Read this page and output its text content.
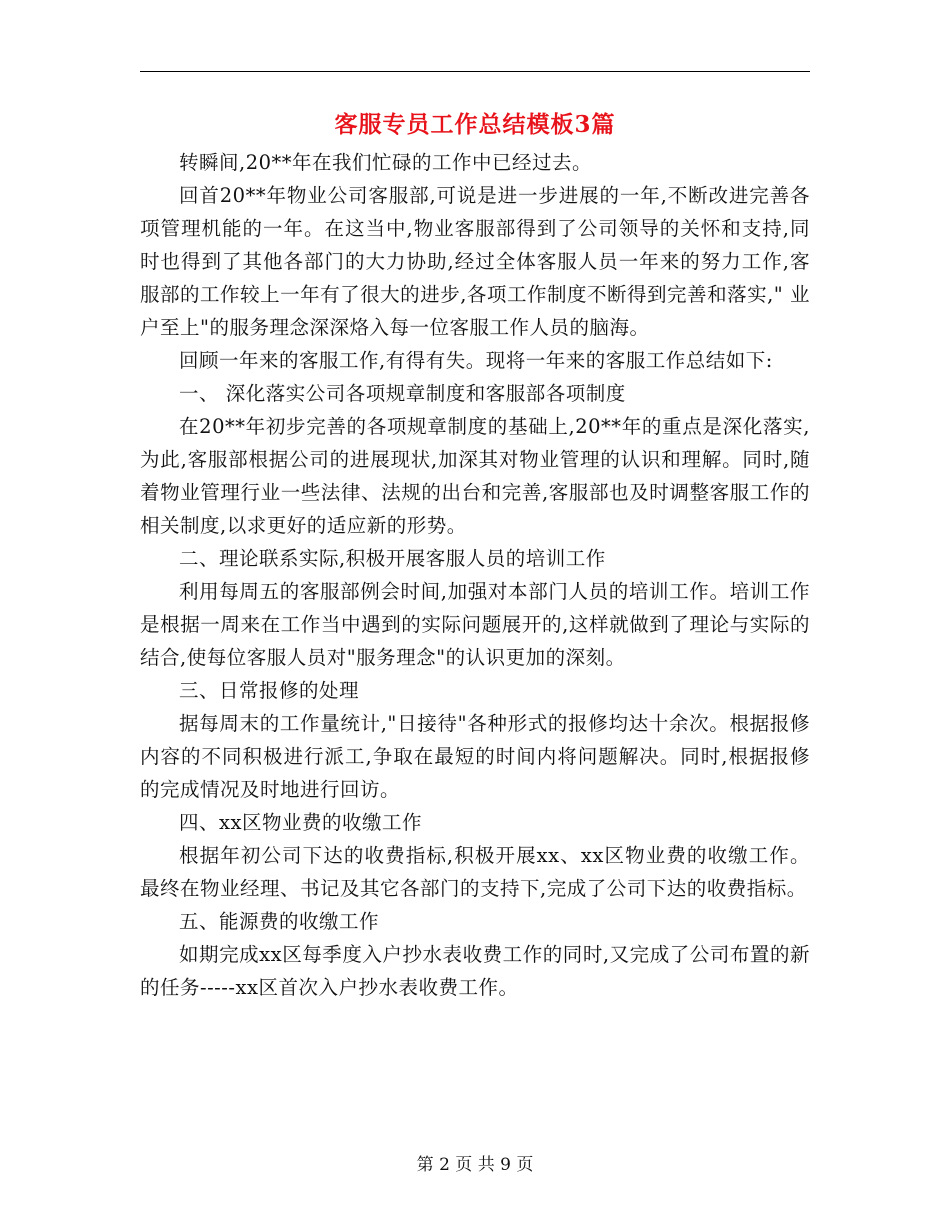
客服专员工作总结模板3篇

转瞬间,20**年在我们忙碌的工作中已经过去。

回首20**年物业公司客服部,可说是进一步进展的一年,不断改进完善各项管理机能的一年。在这当中,物业客服部得到了公司领导的关怀和支持,同时也得到了其他各部门的大力协助,经过全体客服人员一年来的努力工作,客服部的工作较上一年有了很大的进步,各项工作制度不断得到完善和落实," 业户至上"的服务理念深深烙入每一位客服工作人员的脑海。

回顾一年来的客服工作,有得有失。现将一年来的客服工作总结如下:

一、 深化落实公司各项规章制度和客服部各项制度

在20**年初步完善的各项规章制度的基础上,20**年的重点是深化落实,为此,客服部根据公司的进展现状,加深其对物业管理的认识和理解。同时,随着物业管理行业一些法律、法规的出台和完善,客服部也及时调整客服工作的相关制度,以求更好的适应新的形势。

二、理论联系实际,积极开展客服人员的培训工作

利用每周五的客服部例会时间,加强对本部门人员的培训工作。培训工作是根据一周来在工作当中遇到的实际问题展开的,这样就做到了理论与实际的结合,使每位客服人员对"服务理念"的认识更加的深刻。

三、日常报修的处理

据每周末的工作量统计,"日接待"各种形式的报修均达十余次。根据报修内容的不同积极进行派工,争取在最短的时间内将问题解决。同时,根据报修的完成情况及时地进行回访。

四、xx区物业费的收缴工作

根据年初公司下达的收费指标,积极开展xx、xx区物业费的收缴工作。最终在物业经理、书记及其它各部门的支持下,完成了公司下达的收费指标。

五、能源费的收缴工作

如期完成xx区每季度入户抄水表收费工作的同时,又完成了公司布置的新的任务-----xx区首次入户抄水表收费工作。

第 2 页 共 9 页
